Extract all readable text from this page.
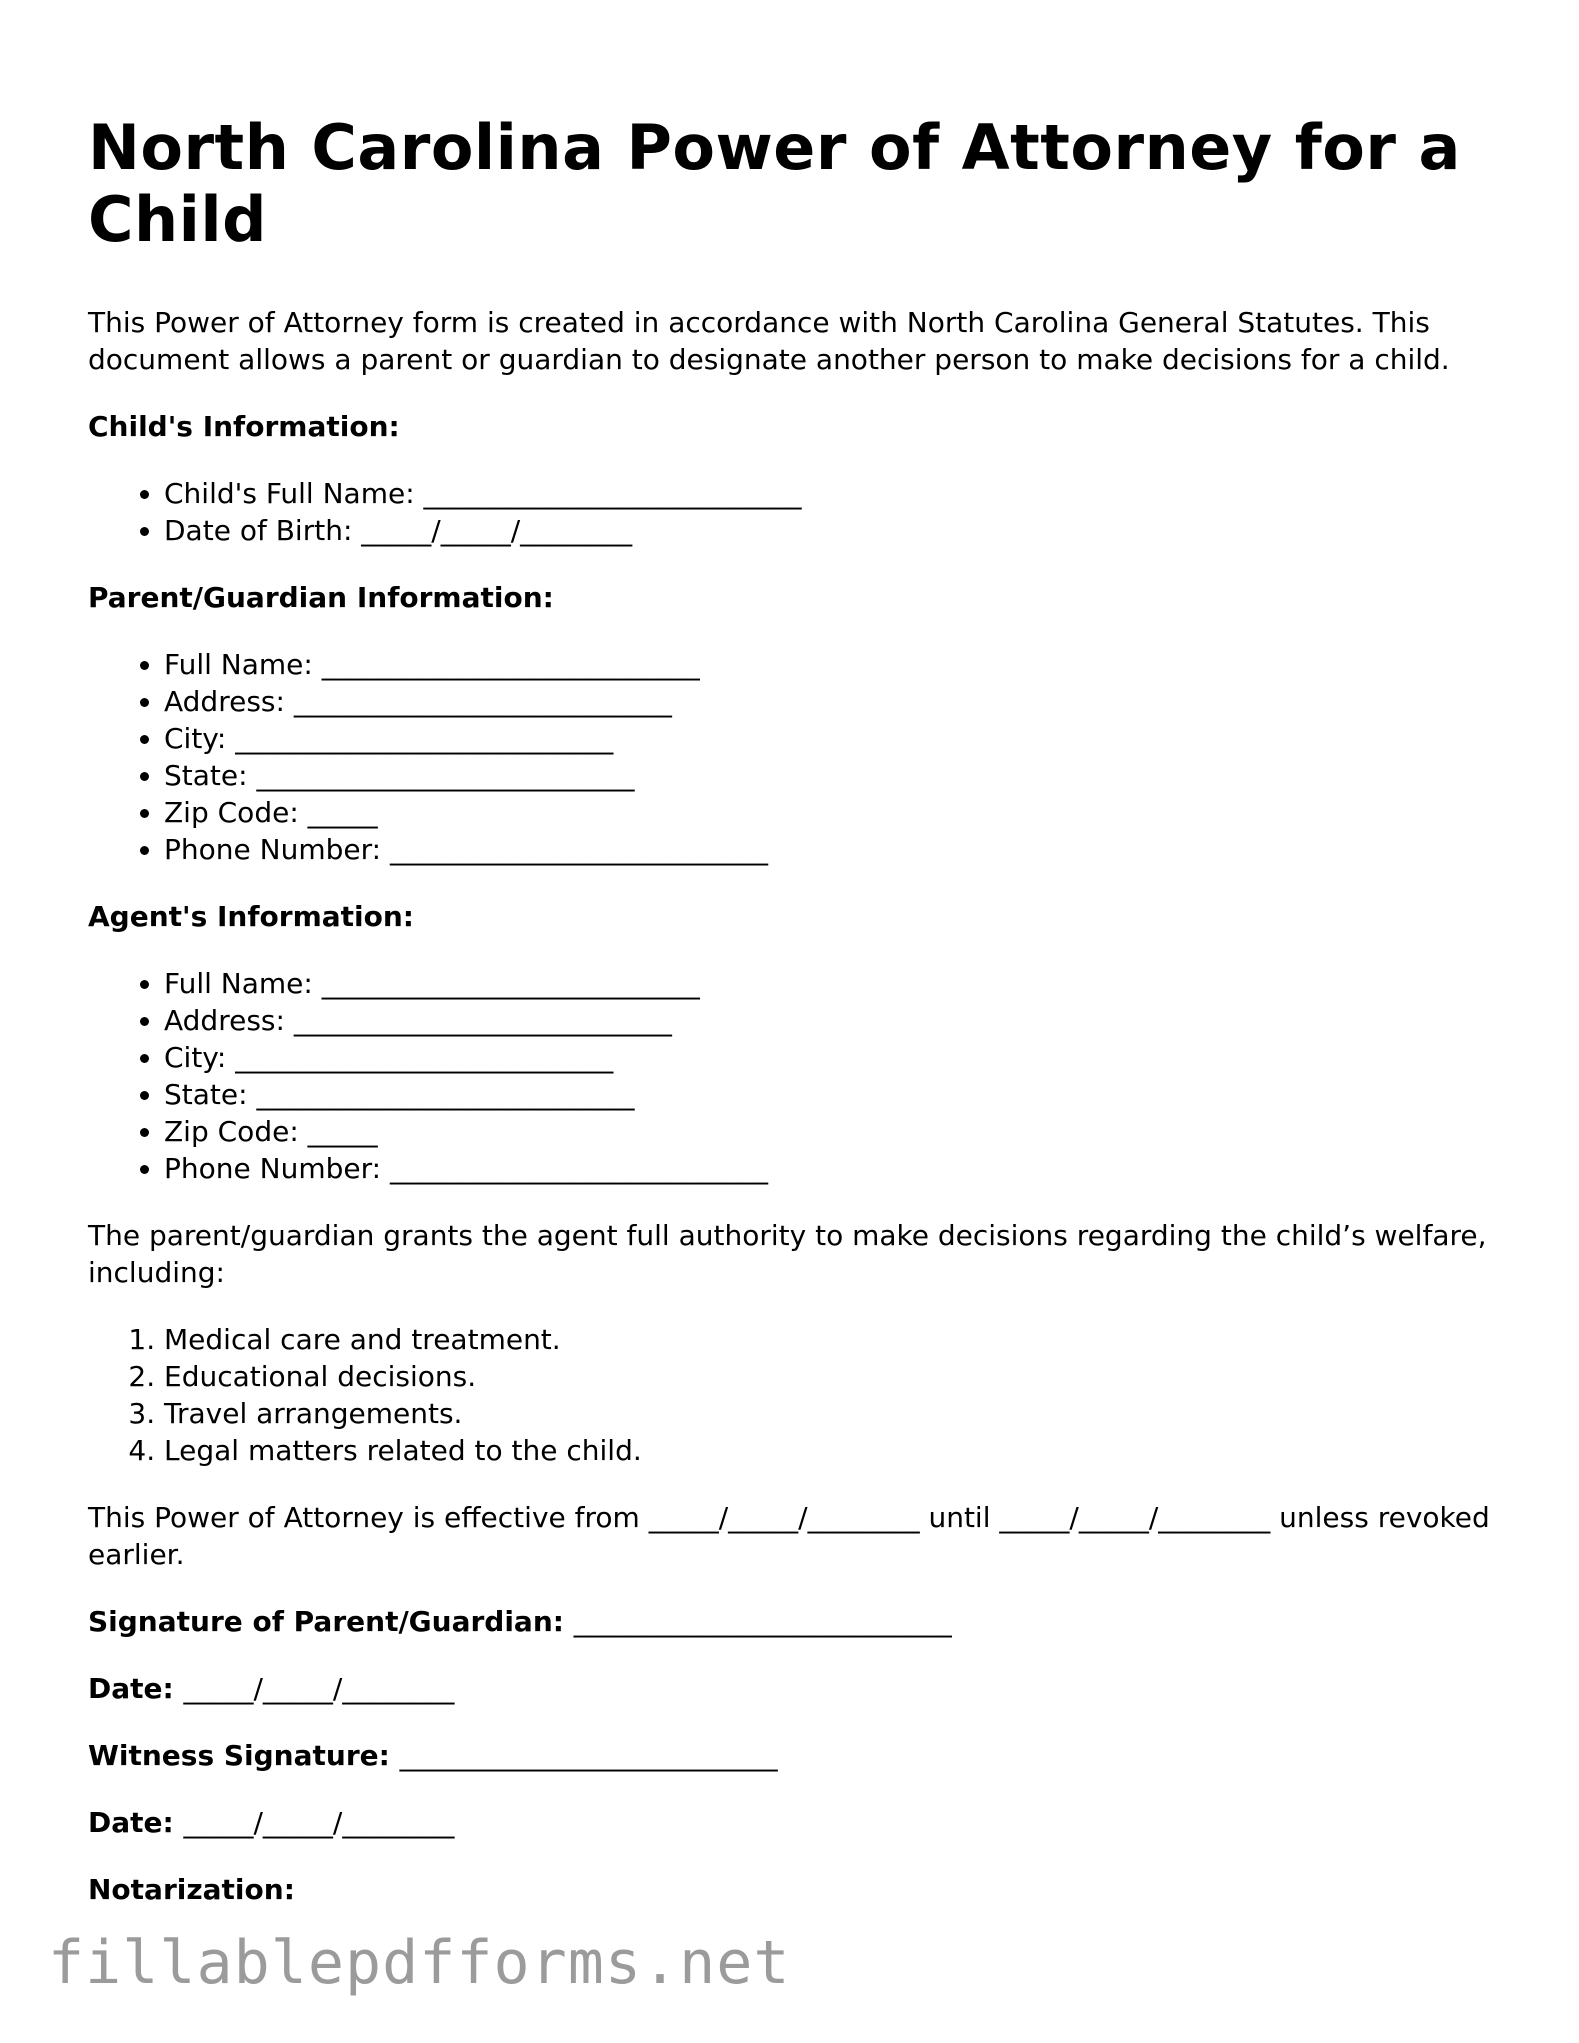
North Carolina Power of Attorney for a Child

This Power of Attorney form is created in accordance with North Carolina General Statutes. This document allows a parent or guardian to designate another person to make decisions for a child.

Child's Information:
• Child's Full Name: ___________________________
• Date of Birth: _____/_____/________
Parent/Guardian Information:
• Full Name: ___________________________
• Address: ___________________________
• City: ___________________________
• State: ___________________________
• Zip Code: _____
• Phone Number: ___________________________
Agent's Information:
• Full Name: ___________________________
• Address: ___________________________
• City: ___________________________
• State: ___________________________
• Zip Code: _____
• Phone Number: ___________________________

The parent/guardian grants the agent full authority to make decisions regarding the child’s welfare, including:

1. Medical care and treatment.
2. Educational decisions.
3. Travel arrangements.
4. Legal matters related to the child.

This Power of Attorney is effective from _____/_____/________ until _____/_____/________ unless revoked earlier.

Signature of Parent/Guardian: ___________________________
Date: _____/_____/________
Witness Signature: ___________________________
Date: _____/_____/________
Notarization:
fillablepdfforms.net
